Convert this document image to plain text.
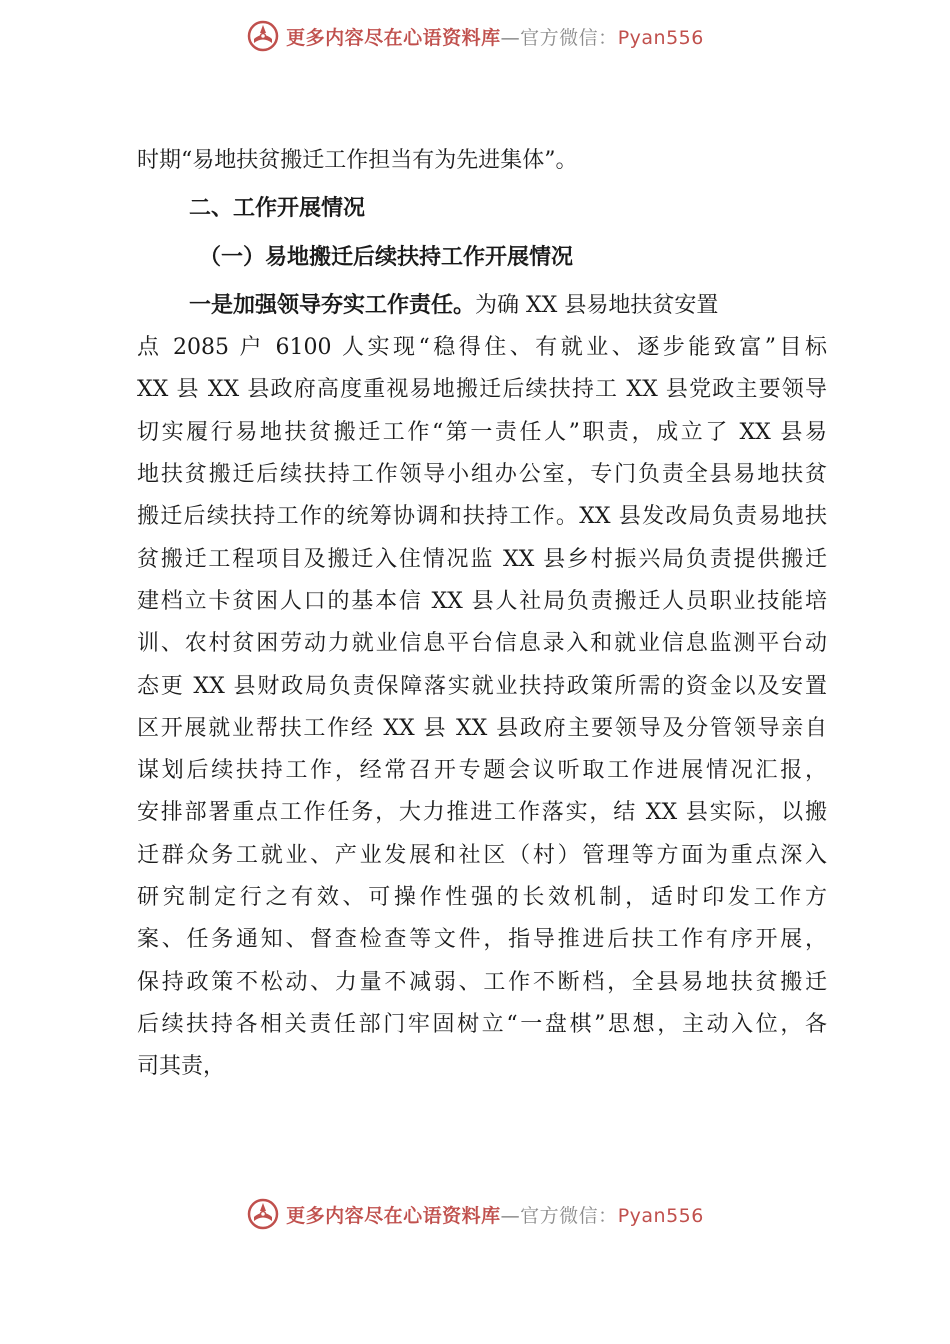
更多内容尽在心语资料库—官方微信：Pyan556
时期“易地扶贫搬迁工作担当有为先进集体”。
二、工作开展情况
（一）易地搬迁后续扶持工作开展情况
一是加强领导夯实工作责任。为确 XX 县易地扶贫安置
点 2085 户 6100 人实现“稳得住、有就业、逐步能致富”目标
XX 县 XX 县政府高度重视易地搬迁后续扶持工 XX 县党政主要领导
切实履行易地扶贫搬迁工作“第一责任人”职责，成立了 XX 县易
地扶贫搬迁后续扶持工作领导小组办公室，专门负责全县易地扶贫
搬迁后续扶持工作的统筹协调和扶持工作。XX 县发改局负责易地扶
贫搬迁工程项目及搬迁入住情况监 XX 县乡村振兴局负责提供搬迁
建档立卡贫困人口的基本信 XX 县人社局负责搬迁人员职业技能培
训、农村贫困劳动力就业信息平台信息录入和就业信息监测平台动
态更 XX 县财政局负责保障落实就业扶持政策所需的资金以及安置
区开展就业帮扶工作经 XX 县 XX 县政府主要领导及分管领导亲自
谋划后续扶持工作，经常召开专题会议听取工作进展情况汇报，
安排部署重点工作任务，大力推进工作落实，结 XX 县实际，以搬
迁群众务工就业、产业发展和社区（村）管理等方面为重点深入
研究制定行之有效、可操作性强的长效机制，适时印发工作方
案、任务通知、督查检查等文件，指导推进后扶工作有序开展，
保持政策不松动、力量不减弱、工作不断档，全县易地扶贫搬迁
后续扶持各相关责任部门牢固树立“一盘棋”思想，主动入位，各
司其责，
更多内容尽在心语资料库—官方微信：Pyan556
